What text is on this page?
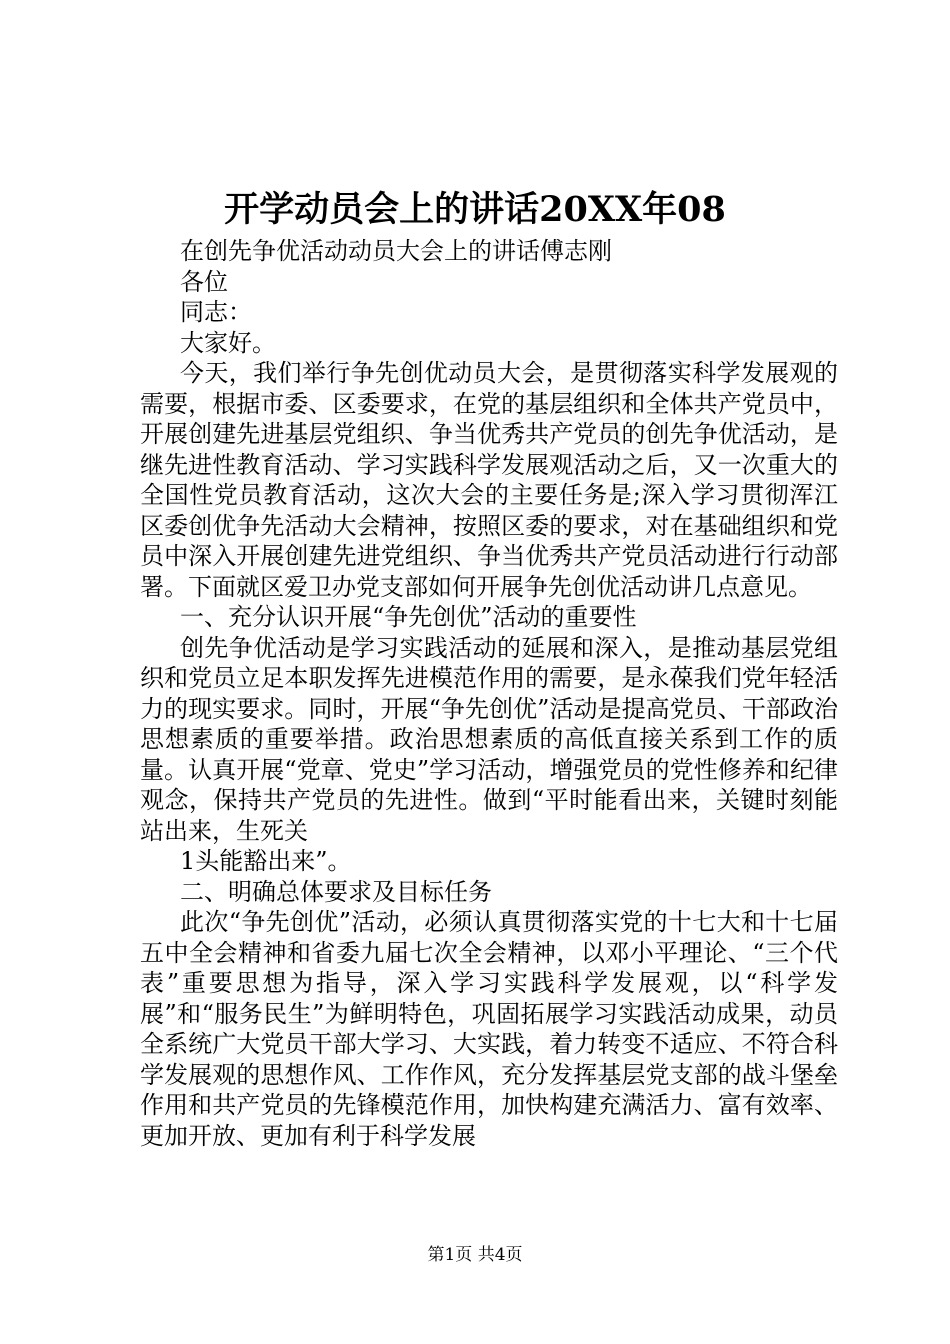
开学动员会上的讲话20XX年08

在创先争优活动动员大会上的讲话傅志刚

各位

同志：

大家好。

今天，我们举行争先创优动员大会，是贯彻落实科学发展观的需要，根据市委、区委要求，在党的基层组织和全体共产党员中，开展创建先进基层党组织、争当优秀共产党员的创先争优活动，是继先进性教育活动、学习实践科学发展观活动之后，又一次重大的全国性党员教育活动，这次大会的主要任务是;深入学习贯彻浑江区委创优争先活动大会精神，按照区委的要求，对在基础组织和党员中深入开展创建先进党组织、争当优秀共产党员活动进行行动部署。下面就区爱卫办党支部如何开展争先创优活动讲几点意见。

一、充分认识开展“争先创优”活动的重要性

创先争优活动是学习实践活动的延展和深入，是推动基层党组织和党员立足本职发挥先进模范作用的需要，是永葆我们党年轻活力的现实要求。同时，开展“争先创优”活动是提高党员、干部政治思想素质的重要举措。政治思想素质的高低直接关系到工作的质量。认真开展“党章、党史”学习活动，增强党员的党性修养和纪律观念，保持共产党员的先进性。做到“平时能看出来，关键时刻能站出来，生死关

1头能豁出来”。

二、明确总体要求及目标任务

此次“争先创优”活动，必须认真贯彻落实党的十七大和十七届五中全会精神和省委九届七次全会精神，以邓小平理论、“三个代表”重要思想为指导，深入学习实践科学发展观，以“科学发展”和“服务民生”为鲜明特色，巩固拓展学习实践活动成果，动员全系统广大党员干部大学习、大实践，着力转变不适应、不符合科学发展观的思想作风、工作作风，充分发挥基层党支部的战斗堡垒作用和共产党员的先锋模范作用，加快构建充满活力、富有效率、更加开放、更加有利于科学发展

第1页 共4页
